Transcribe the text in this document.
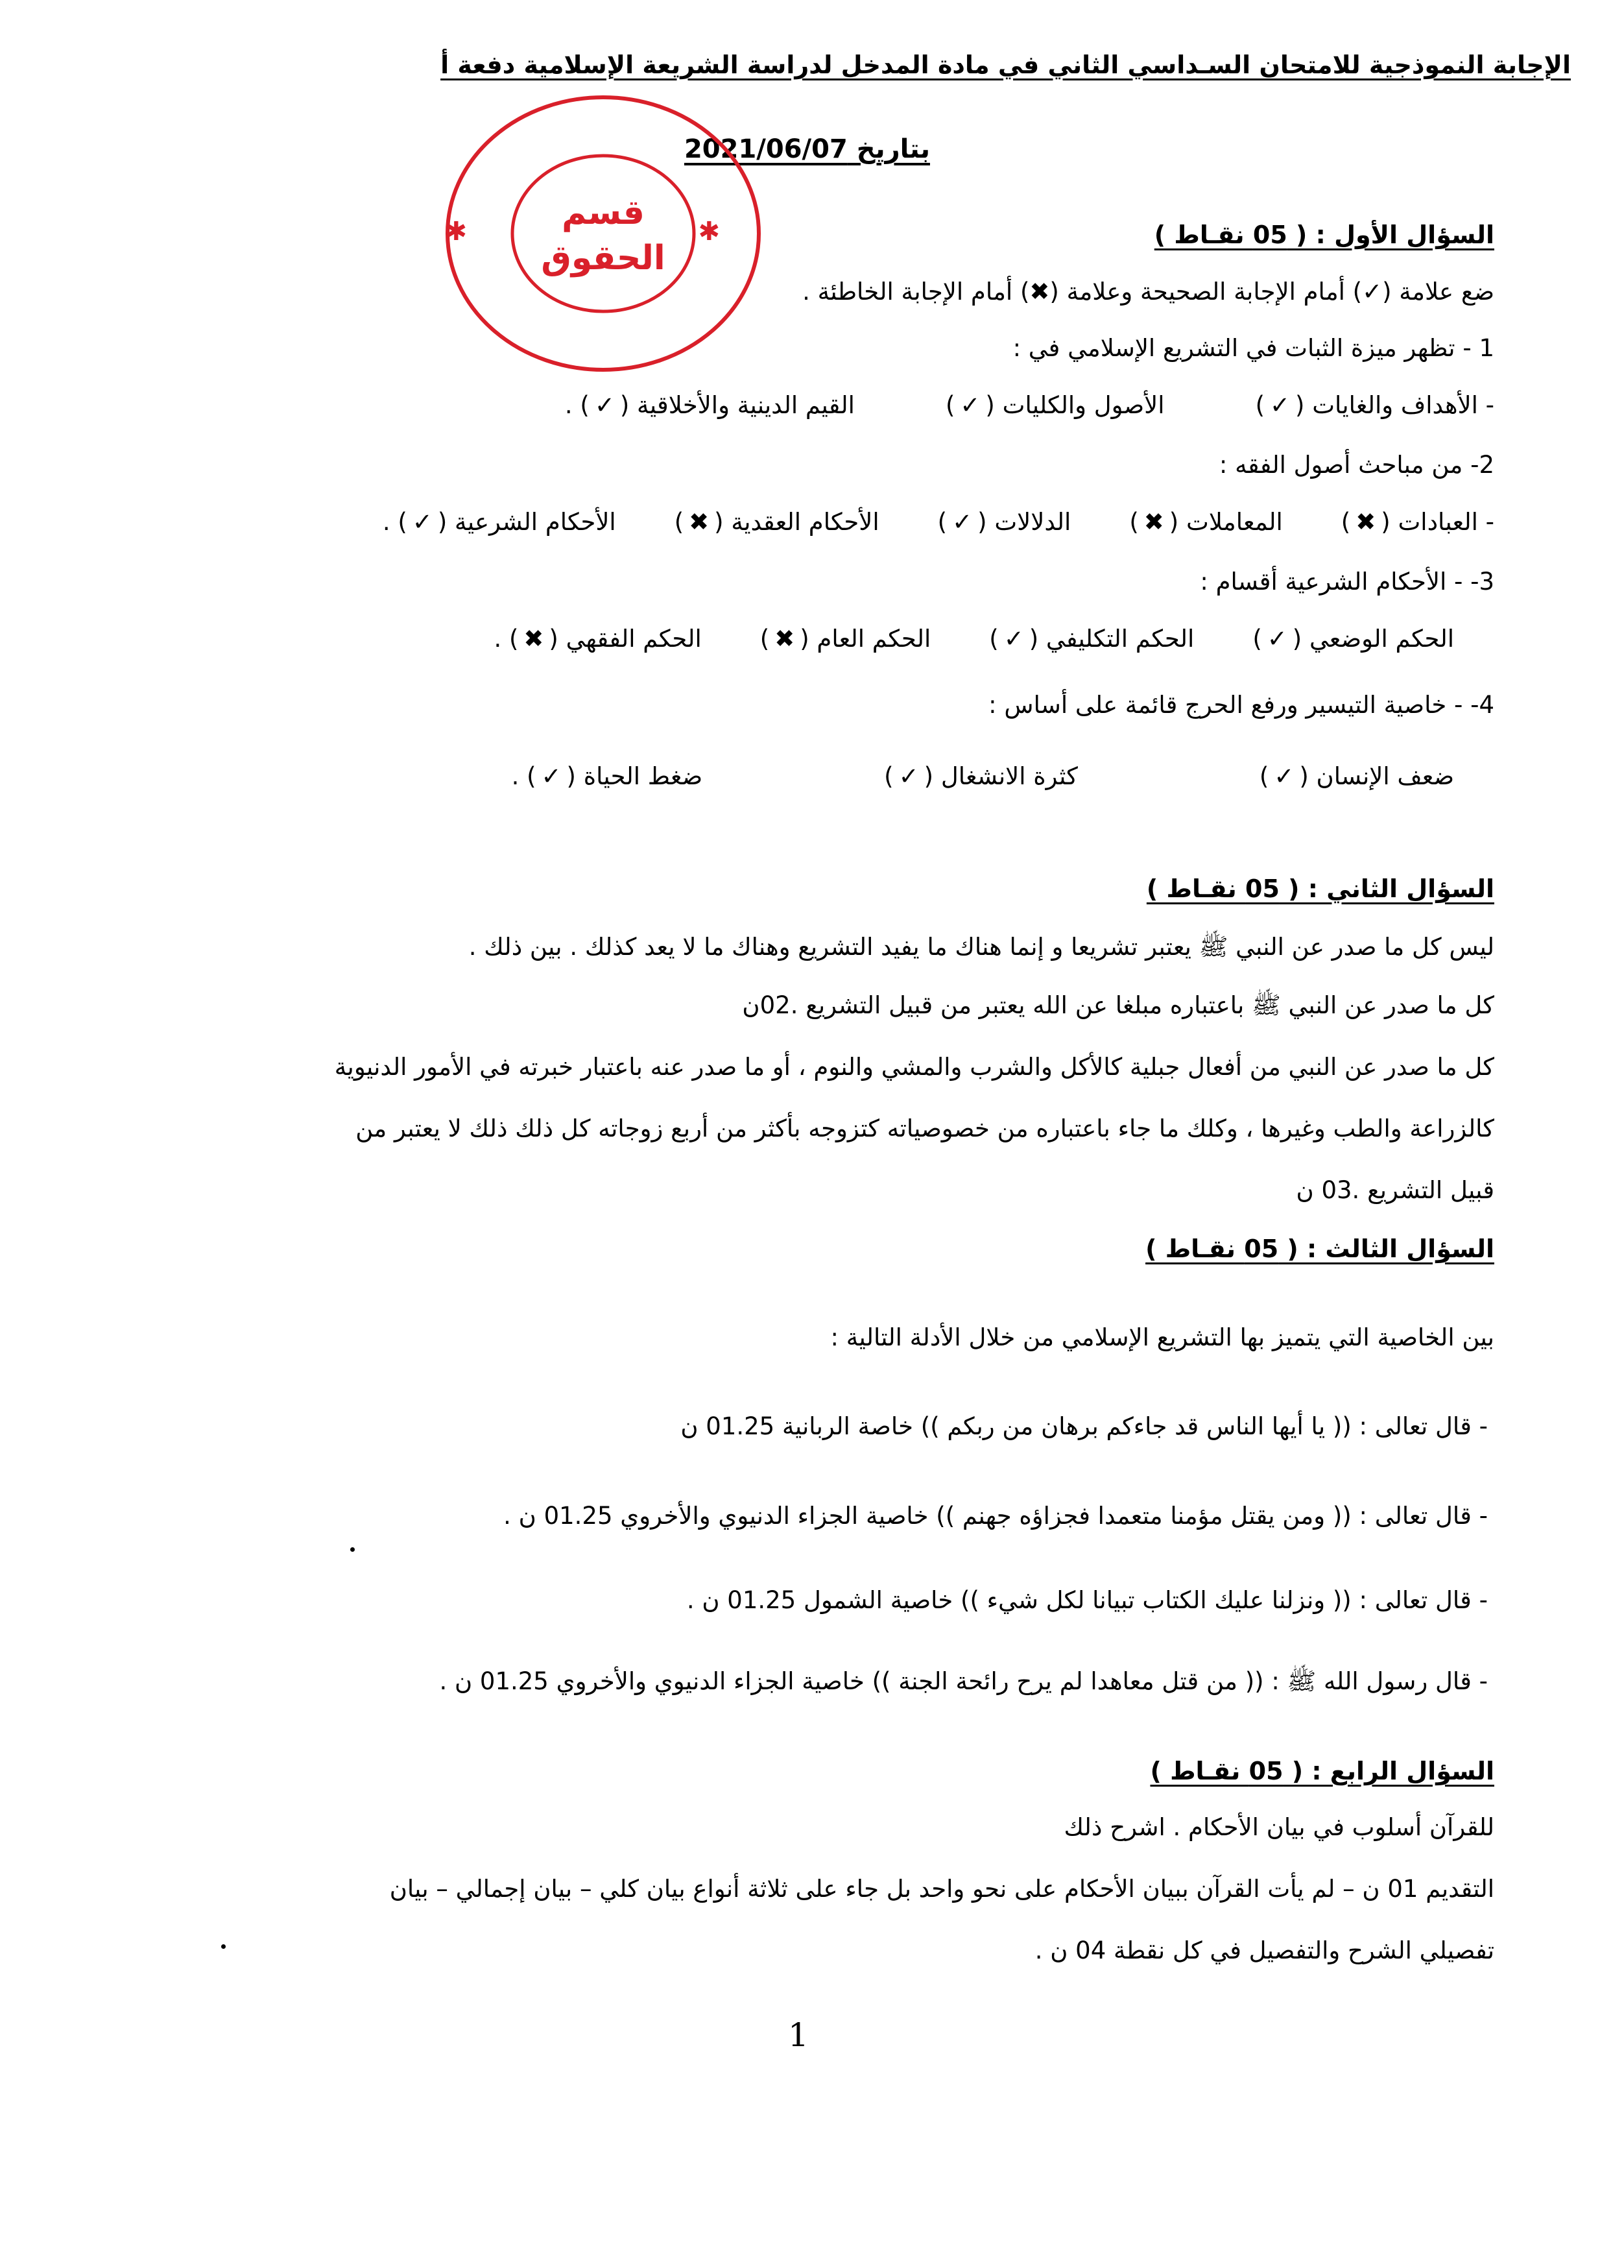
الإجابة النموذجية للامتحان السـداسي الثاني في مادة المدخل لدراسة الشريعة الإسلامية دفعة أ
بتاريخ 2021/06/07
قسم
الحقوق
✱	✱	السؤال الأول : ( 05 نقـاط )
ضع علامة (✓) أمام الإجابة الصحيحة وعلامة (✖) أمام الإجابة الخاطئة .
1 - تظهر ميزة الثبات في التشريع الإسلامي في :
- الأهداف والغايات (✓)الأصول والكليات (✓)القيم الدينية والأخلاقية (✓) .
2- من مباحث أصول الفقه :
- العبادات (✖)المعاملات (✖)الدلالات (✓)الأحكام العقدية (✖)الأحكام الشرعية (✓) .
3- - الأحكام الشرعية أقسام :
الحكم الوضعي (✓)الحكم التكليفي (✓)الحكم العام (✖)الحكم الفقهي (✖) .
4- - خاصية التيسير ورفع الحرج قائمة على أساس :
ضعف الإنسان (✓)كثرة الانشغال (✓)ضغط الحياة (✓) .
السؤال الثاني : ( 05 نقـاط )
ليس كل ما صدر عن النبي ﷺ يعتبر تشريعا و إنما هناك ما يفيد التشريع وهناك ما لا يعد كذلك . بين ذلك .
كل ما صدر عن النبي ﷺ باعتباره مبلغا عن الله يعتبر من قبيل التشريع .02ن
كل ما صدر عن النبي من أفعال جبلية كالأكل والشرب والمشي والنوم ، أو ما صدر عنه باعتبار خبرته في الأمور الدنيوية
كالزراعة والطب وغيرها ، وكلك ما جاء باعتباره من خصوصياته كتزوجه بأكثر من أربع زوجاته كل ذلك ذلك لا يعتبر من
قبيل التشريع .03 ن
السؤال الثالث : ( 05 نقـاط )
بين الخاصية التي يتميز بها التشريع الإسلامي من خلال الأدلة التالية :
- قال تعالى : (( يا أيها الناس قد جاءكم برهان من ربكم )) خاصة الربانية 01.25 ن
- قال تعالى : (( ومن يقتل مؤمنا متعمدا فجزاؤه جهنم )) خاصية الجزاء الدنيوي والأخروي 01.25 ن .
- قال تعالى : (( ونزلنا عليك الكتاب تبيانا لكل شيء )) خاصية الشمول 01.25 ن .
- قال رسول الله ﷺ : (( من قتل معاهدا لم يرح رائحة الجنة )) خاصية الجزاء الدنيوي والأخروي 01.25 ن .
السؤال الرابع : ( 05 نقـاط )
للقرآن أسلوب في بيان الأحكام . اشرح ذلك
التقديم 01 ن – لم يأت القرآن ببيان الأحكام على نحو واحد بل جاء على ثلاثة أنواع بيان كلي – بيان إجمالي – بيان
تفصيلي الشرح والتفصيل في كل نقطة 04 ن .
1
